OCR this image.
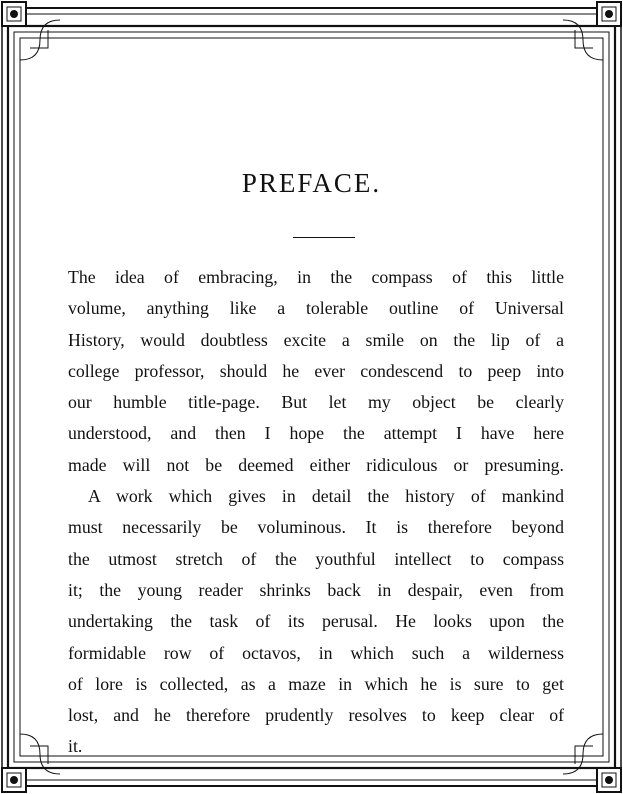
PREFACE.

The idea of embracing, in the compass of this little
volume, anything like a tolerable outline of Universal
History, would doubtless excite a smile on the lip of a
college professor, should he ever condescend to peep into
our humble title-page. But let my object be clearly
understood, and then I hope the attempt I have here
made will not be deemed either ridiculous or presuming.

A work which gives in detail the history of mankind
must necessarily be voluminous. It is therefore beyond
the utmost stretch of the youthful intellect to compass
it; the young reader shrinks back in despair, even from
undertaking the task of its perusal. He looks upon the
formidable row of octavos, in which such a wilderness
of lore is collected, as a maze in which he is sure to get
lost, and he therefore prudently resolves to keep clear of
it.
